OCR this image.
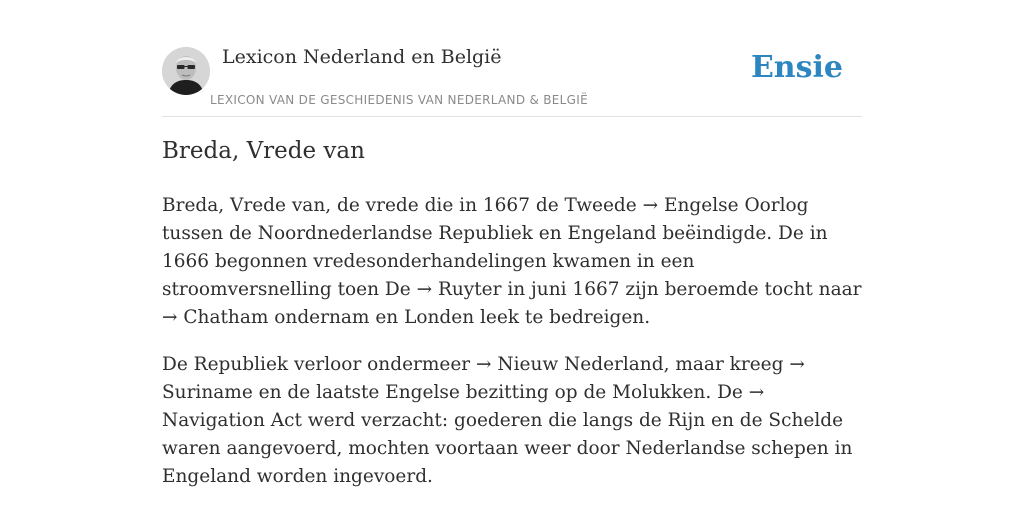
Lexicon Nederland en België
LEXICON VAN DE GESCHIEDENIS VAN NEDERLAND & BELGIË
Ensie
Breda, Vrede van

Breda, Vrede van, de vrede die in 1667 de Tweede → Engelse Oorlog tussen de Noordnederlandse Republiek en Engeland beëindigde. De in 1666 begonnen vredesonderhandelingen kwamen in een stroomversnelling toen De → Ruyter in juni 1667 zijn beroemde tocht naar → Chatham ondernam en Londen leek te bedreigen.

De Republiek verloor ondermeer → Nieuw Nederland, maar kreeg → Suriname en de laatste Engelse bezitting op de Molukken. De → Navigation Act werd verzacht: goederen die langs de Rijn en de Schelde waren aangevoerd, mochten voortaan weer door Nederlandse schepen in Engeland worden ingevoerd.
